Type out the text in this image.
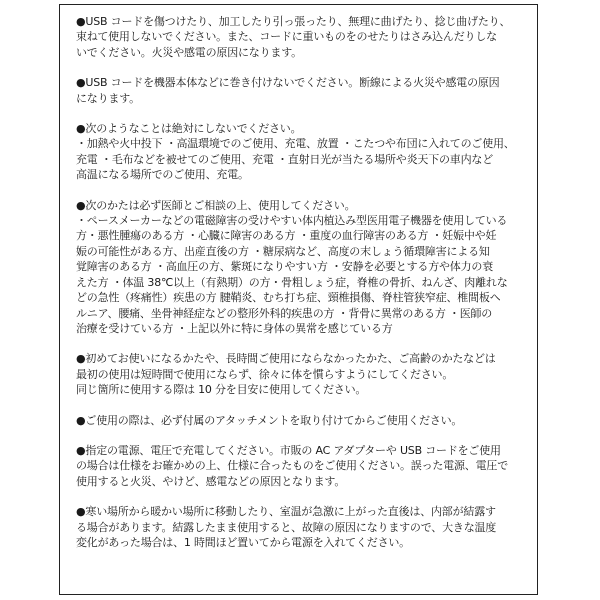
●USB コードを傷つけたり、加工したり引っ張ったり、無理に曲げたり、捻じ曲げたり、
束ねて使用しないでください。また、コードに重いものをのせたりはさみ込んだりしな
いでください。火災や感電の原因になります。

●USB コードを機器本体などに巻き付けないでください。断線による火災や感電の原因
になります。

●次のようなことは絶対にしないでください。
・加熱や火中投下 ・高温環境でのご使用、充電、放置 ・こたつや布団に入れてのご使用、
充電 ・毛布などを被せてのご使用、充電 ・直射日光が当たる場所や炎天下の車内など
高温になる場所でのご使用、充電。

●次のかたは必ず医師とご相談の上、使用してください。
・ペースメーカーなどの電磁障害の受けやすい体内植込み型医用電子機器を使用している
方・悪性腫瘍のある方 ・心臓に障害のある方 ・重度の血行障害のある方 ・妊娠中や妊
娠の可能性がある方、出産直後の方 ・糖尿病など、高度の末しょう循環障害による知
覚障害のある方 ・高血圧の方、紫斑になりやすい方 ・安静を必要とする方や体力の衰
えた方 ・体温 38℃以上（有熱期）の方・骨粗しょう症，脊椎の骨折、ねんざ、肉離れな
どの急性（疼痛性）疾患の方 腱鞘炎、むち打ち症、頸椎損傷、脊柱管狭窄症、椎間板ヘ
ルニア、腰痛、坐骨神経症などの整形外科的疾患の方 ・背骨に異常のある方 ・医師の
治療を受けている方 ・上記以外に特に身体の異常を感じている方

●初めてお使いになるかたや、長時間ご使用にならなかったかた、ご高齢のかたなどは
最初の使用は短時間で使用にならず、徐々に体を慣らすようにしてください。
同じ箇所に使用する際は 10 分を目安に使用してください。

●ご使用の際は、必ず付属のアタッチメントを取り付けてからご使用ください。

●指定の電源、電圧で充電してください。市販の AC アダプターや USB コードをご使用
の場合は仕様をお確かめの上、仕様に合ったものをご使用ください。誤った電源、電圧で
使用すると火災、やけど、感電などの原因となります。

●寒い場所から暖かい場所に移動したり、室温が急激に上がった直後は、内部が結露す
る場合があります。結露したまま使用すると、故障の原因になりますので、大きな温度
変化があった場合は、1 時間ほど置いてから電源を入れてください。
